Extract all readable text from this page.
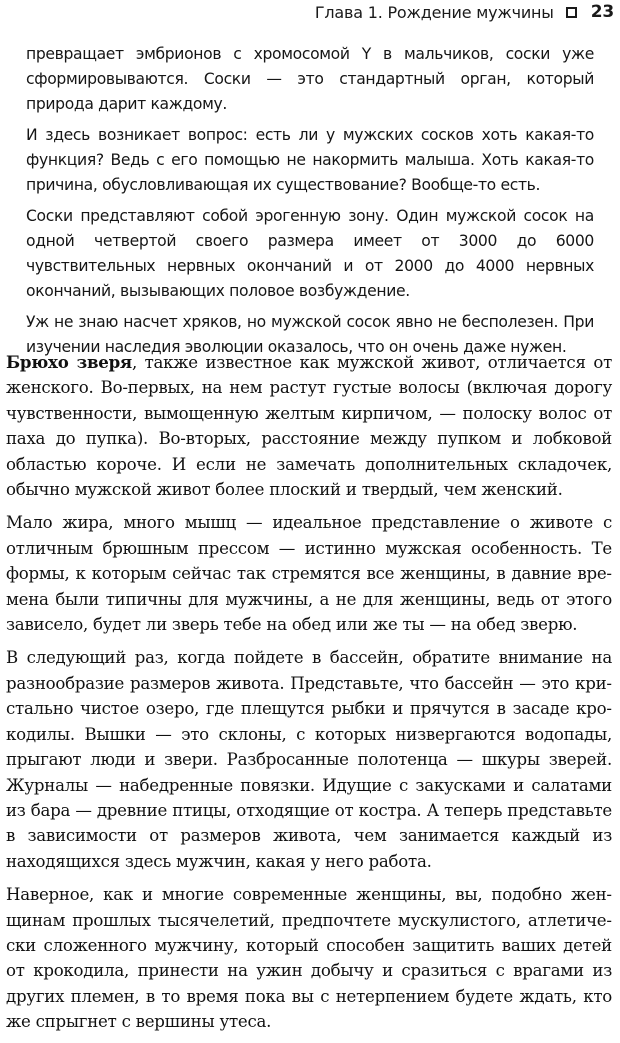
Глава 1. Рождение мужчины 23

превращает эмбрионов с хромосомой Y в мальчиков, соски уже сформировываются. Соски — это стандартный орган, который природа дарит каждому.

И здесь возникает вопрос: есть ли у мужских сосков хоть какая-то функция? Ведь с его помощью не накормить малыша. Хоть какая-то причина, обусловливающая их существование? Вообще-то есть.

Соски представляют собой эрогенную зону. Один мужской сосок на одной четвертой своего размера имеет от 3000 до 6000 чувствительных нервных окончаний и от 2000 до 4000 нервных окончаний, вызывающих половое возбуждение.

Уж не знаю насчет хряков, но мужской сосок явно не бесполезен. При изучении наследия эволюции оказалось, что он очень даже нужен.

Брюхо зверя, также известное как мужской живот, отличается от женского. Во-первых, на нем растут густые волосы (включая дорогу чувственности, вымощенную желтым кирпичом, — полоску волос от паха до пупка). Во-вторых, расстояние между пупком и лобковой областью короче. И если не замечать дополнительных складочек, обычно мужской живот более плоский и твердый, чем женский.

Мало жира, много мышц — идеальное представление о животе с отличным брюшным прессом — истинно мужская особенность. Те формы, к которым сейчас так стремятся все женщины, в давние времена были типичны для мужчины, а не для женщины, ведь от этого зависело, будет ли зверь тебе на обед или же ты — на обед зверю.

В следующий раз, когда пойдете в бассейн, обратите внимание на разнообразие размеров живота. Представьте, что бассейн — это кристально чистое озеро, где плещутся рыбки и прячутся в засаде крокодилы. Вышки — это склоны, с которых низвергаются водопады, прыгают люди и звери. Разбросанные полотенца — шкуры зверей. Журналы — набедренные повязки. Идущие с закусками и салатами из бара — древние птицы, отходящие от костра. А теперь представьте в зависимости от размеров живота, чем занимается каждый из находящихся здесь мужчин, какая у него работа.

Наверное, как и многие современные женщины, вы, подобно женщинам прошлых тысячелетий, предпочтете мускулистого, атлетически сложенного мужчину, который способен защитить ваших детей от крокодила, принести на ужин добычу и сразиться с врагами из других племен, в то время пока вы с нетерпением будете ждать, кто же спрыгнет с вершины утеса.
